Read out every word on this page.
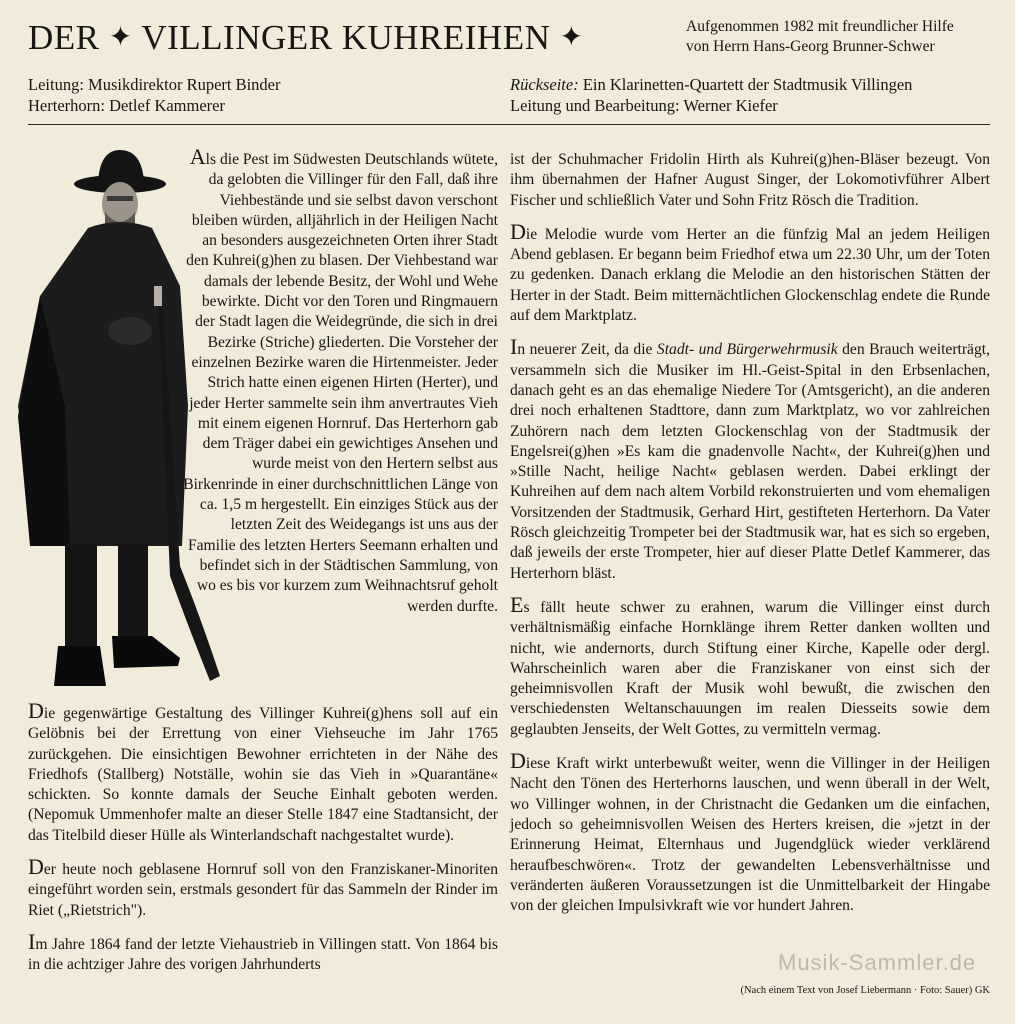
DER ✦ VILLINGER KUHREIHEN ✦	Aufgenommen 1982 mit freundlicher Hilfe
von Herrn Hans-Georg Brunner-Schwer
Leitung: Musikdirektor Rupert Binder
Herterhorn: Detlef Kammerer
Rückseite: Ein Klarinetten-Quartett der Stadtmusik Villingen
Leitung und Bearbeitung: Werner Kiefer

Als die Pest im Südwesten Deutschlands wütete, da gelobten die Villinger für den Fall, daß ihre Viehbestände und sie selbst davon verschont bleiben würden, alljährlich in der Heiligen Nacht an besonders ausgezeichneten Orten ihrer Stadt den Kuhrei(g)hen zu blasen. Der Viehbestand war damals der lebende Besitz, der Wohl und Wehe bewirkte. Dicht vor den Toren und Ringmauern der Stadt lagen die Weidegründe, die sich in drei Bezirke (Striche) gliederten. Die Vorsteher der einzelnen Bezirke waren die Hirtenmeister. Jeder Strich hatte einen eigenen Hirten (Herter), und jeder Herter sammelte sein ihm anvertrautes Vieh mit einem eigenen Hornruf. Das Herterhorn gab dem Träger dabei ein gewichtiges Ansehen und wurde meist von den Hertern selbst aus Birkenrinde in einer durchschnittlichen Länge von ca. 1,5 m hergestellt. Ein einziges Stück aus der letzten Zeit des Weidegangs ist uns aus der Familie des letzten Herters Seemann erhalten und befindet sich in der Städtischen Sammlung, von wo es bis vor kurzem zum Weihnachtsruf geholt werden durfte.

Die gegenwärtige Gestaltung des Villinger Kuhrei(g)hens soll auf ein Gelöbnis bei der Errettung von einer Viehseuche im Jahr 1765 zurückgehen. Die einsichtigen Bewohner errichteten in der Nähe des Friedhofs (Stallberg) Notställe, wohin sie das Vieh in »Quarantäne« schickten. So konnte damals der Seuche Einhalt geboten werden. (Nepomuk Ummenhofer malte an dieser Stelle 1847 eine Stadtansicht, der das Titelbild dieser Hülle als Winterlandschaft nachgestaltet wurde).

Der heute noch geblasene Hornruf soll von den Franziskaner-Minoriten eingeführt worden sein, erstmals gesondert für das Sammeln der Rinder im Riet („Rietstrich").

Im Jahre 1864 fand der letzte Viehaustrieb in Villingen statt. Von 1864 bis in die achtziger Jahre des vorigen Jahrhunderts

ist der Schuhmacher Fridolin Hirth als Kuhrei(g)hen-Bläser bezeugt. Von ihm übernahmen der Hafner August Singer, der Lokomotivführer Albert Fischer und schließlich Vater und Sohn Fritz Rösch die Tradition.

Die Melodie wurde vom Herter an die fünfzig Mal an jedem Heiligen Abend geblasen. Er begann beim Friedhof etwa um 22.30 Uhr, um der Toten zu gedenken. Danach erklang die Melodie an den historischen Stätten der Herter in der Stadt. Beim mitternächtlichen Glockenschlag endete die Runde auf dem Marktplatz.

In neuerer Zeit, da die Stadt- und Bürgerwehrmusik den Brauch weiterträgt, versammeln sich die Musiker im Hl.-Geist-Spital in den Erbsenlachen, danach geht es an das ehemalige Niedere Tor (Amtsgericht), an die anderen drei noch erhaltenen Stadttore, dann zum Marktplatz, wo vor zahlreichen Zuhörern nach dem letzten Glockenschlag von der Stadtmusik der Engelsrei(g)hen »Es kam die gnadenvolle Nacht«, der Kuhrei(g)hen und »Stille Nacht, heilige Nacht« geblasen werden. Dabei erklingt der Kuhreihen auf dem nach altem Vorbild rekonstruierten und vom ehemaligen Vorsitzenden der Stadtmusik, Gerhard Hirt, gestifteten Herterhorn. Da Vater Rösch gleichzeitig Trompeter bei der Stadtmusik war, hat es sich so ergeben, daß jeweils der erste Trompeter, hier auf dieser Platte Detlef Kammerer, das Herterhorn bläst.

Es fällt heute schwer zu erahnen, warum die Villinger einst durch verhältnismäßig einfache Hornklänge ihrem Retter danken wollten und nicht, wie andernorts, durch Stiftung einer Kirche, Kapelle oder dergl. Wahrscheinlich waren aber die Franziskaner von einst sich der geheimnisvollen Kraft der Musik wohl bewußt, die zwischen den verschiedensten Weltanschauungen im realen Diesseits sowie dem geglaubten Jenseits, der Welt Gottes, zu vermitteln vermag.

Diese Kraft wirkt unterbewußt weiter, wenn die Villinger in der Heiligen Nacht den Tönen des Herterhorns lauschen, und wenn überall in der Welt, wo Villinger wohnen, in der Christnacht die Gedanken um die einfachen, jedoch so geheimnisvollen Weisen des Herters kreisen, die »jetzt in der Erinnerung Heimat, Elternhaus und Jugendglück wieder verklärend heraufbeschwören«. Trotz der gewandelten Lebensverhältnisse und veränderten äußeren Voraussetzungen ist die Unmittelbarkeit der Hingabe von der gleichen Impulsivkraft wie vor hundert Jahren.

Musik-Sammler.de
(Nach einem Text von Josef Liebermann · Foto: Sauer) GK
